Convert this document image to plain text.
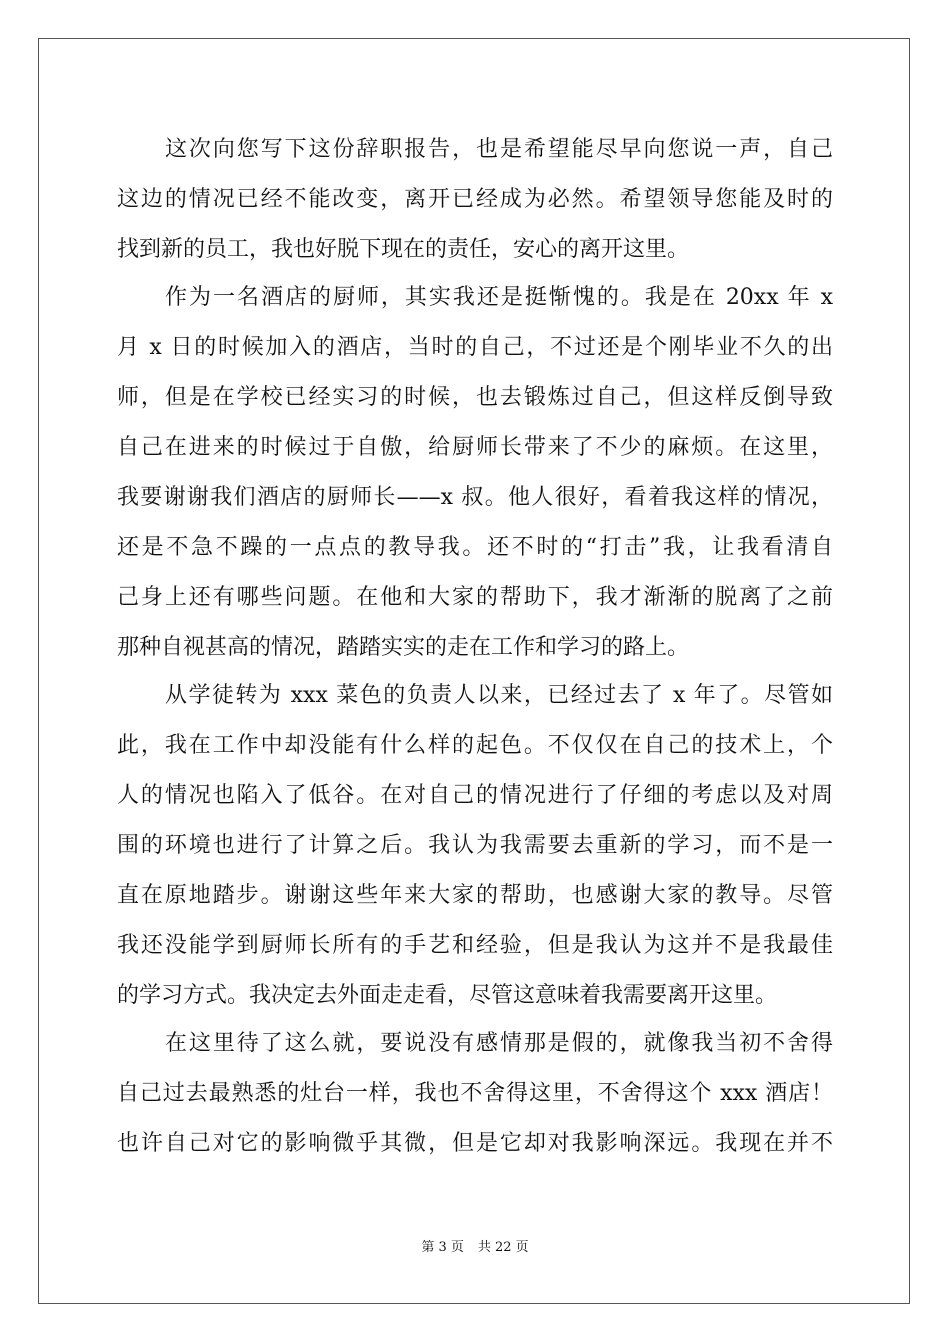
这次向您写下这份辞职报告，也是希望能尽早向您说一声，自己
这边的情况已经不能改变，离开已经成为必然。希望领导您能及时的
找到新的员工，我也好脱下现在的责任，安心的离开这里。
作为一名酒店的厨师，其实我还是挺惭愧的。我是在 20xx 年 x
月 x 日的时候加入的酒店，当时的自己，不过还是个刚毕业不久的出
师，但是在学校已经实习的时候，也去锻炼过自己，但这样反倒导致
自己在进来的时候过于自傲，给厨师长带来了不少的麻烦。在这里，
我要谢谢我们酒店的厨师长——x 叔。他人很好，看着我这样的情况，
还是不急不躁的一点点的教导我。还不时的“打击”我，让我看清自
己身上还有哪些问题。在他和大家的帮助下，我才渐渐的脱离了之前
那种自视甚高的情况，踏踏实实的走在工作和学习的路上。
从学徒转为 xxx 菜色的负责人以来，已经过去了 x 年了。尽管如
此，我在工作中却没能有什么样的起色。不仅仅在自己的技术上，个
人的情况也陷入了低谷。在对自己的情况进行了仔细的考虑以及对周
围的环境也进行了计算之后。我认为我需要去重新的学习，而不是一
直在原地踏步。谢谢这些年来大家的帮助，也感谢大家的教导。尽管
我还没能学到厨师长所有的手艺和经验，但是我认为这并不是我最佳
的学习方式。我决定去外面走走看，尽管这意味着我需要离开这里。
在这里待了这么就，要说没有感情那是假的，就像我当初不舍得
自己过去最熟悉的灶台一样，我也不舍得这里，不舍得这个 xxx 酒店！
也许自己对它的影响微乎其微，但是它却对我影响深远。我现在并不
第 3 页 共 22 页
